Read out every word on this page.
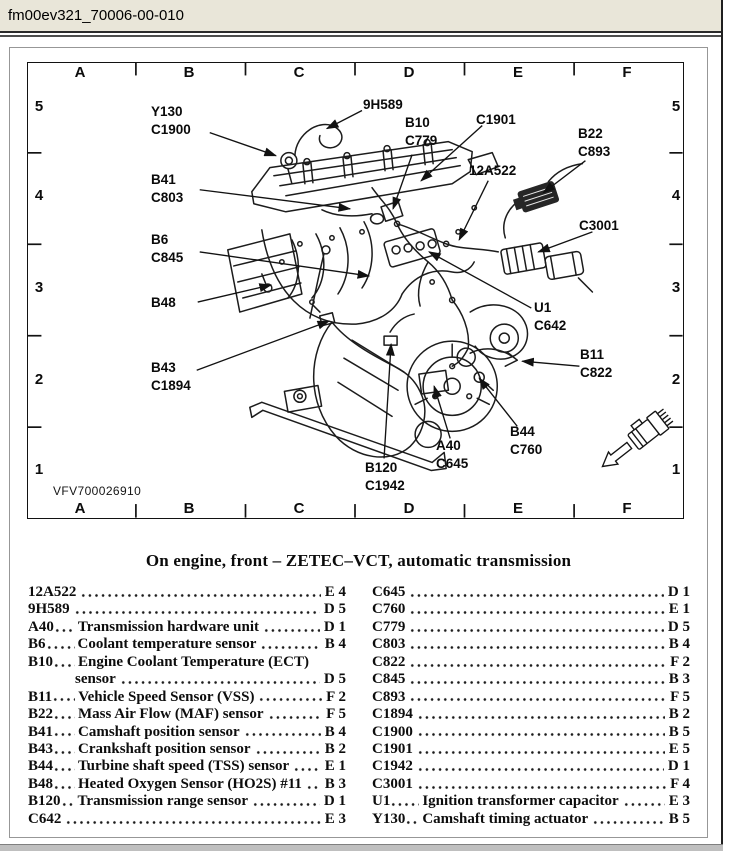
fm00ev321_70006-00-010
A	B	C	D	E	F
A	B	C	D	E	F
5
4
3
2
1
5
4
3
2
1
Y130
C1900
9H589
B10
C779
C1901
12A522
B22
C893
C3001
U1
C642
B11
C822
B44
C760
A40
C645
B120
C1942
B43
C1894
B48
B6
C845
B41
C803
VFV700026910
On engine, front – ZETEC–VCT, automatic transmission
12A522	E 4
9H589	D 5
A40 Transmission hardware unit	D 1
B6 Coolant temperature sensor	B 4
B10 Engine Coolant Temperature (ECT)
sensor	D 5
B11 Vehicle Speed Sensor (VSS)	F 2
B22 Mass Air Flow (MAF) sensor	F 5
B41 Camshaft position sensor	B 4
B43 Crankshaft position sensor	B 2
B44 Turbine shaft speed (TSS) sensor E 1
B48 Heated Oxygen Sensor (HO2S) #11 B 3
B120 Transmission range sensor	D 1
C642	E 3
C645	D 1
C760	E 1
C779	D 5
C803	B 4
C822	F 2
C845	B 3
C893	F 5
C1894	B 2
C1900	B 5
C1901	E 5
C1942	D 1
C3001	F 4
U1 Ignition transformer capacitor	E 3
Y130 Camshaft timing actuator	B 5
